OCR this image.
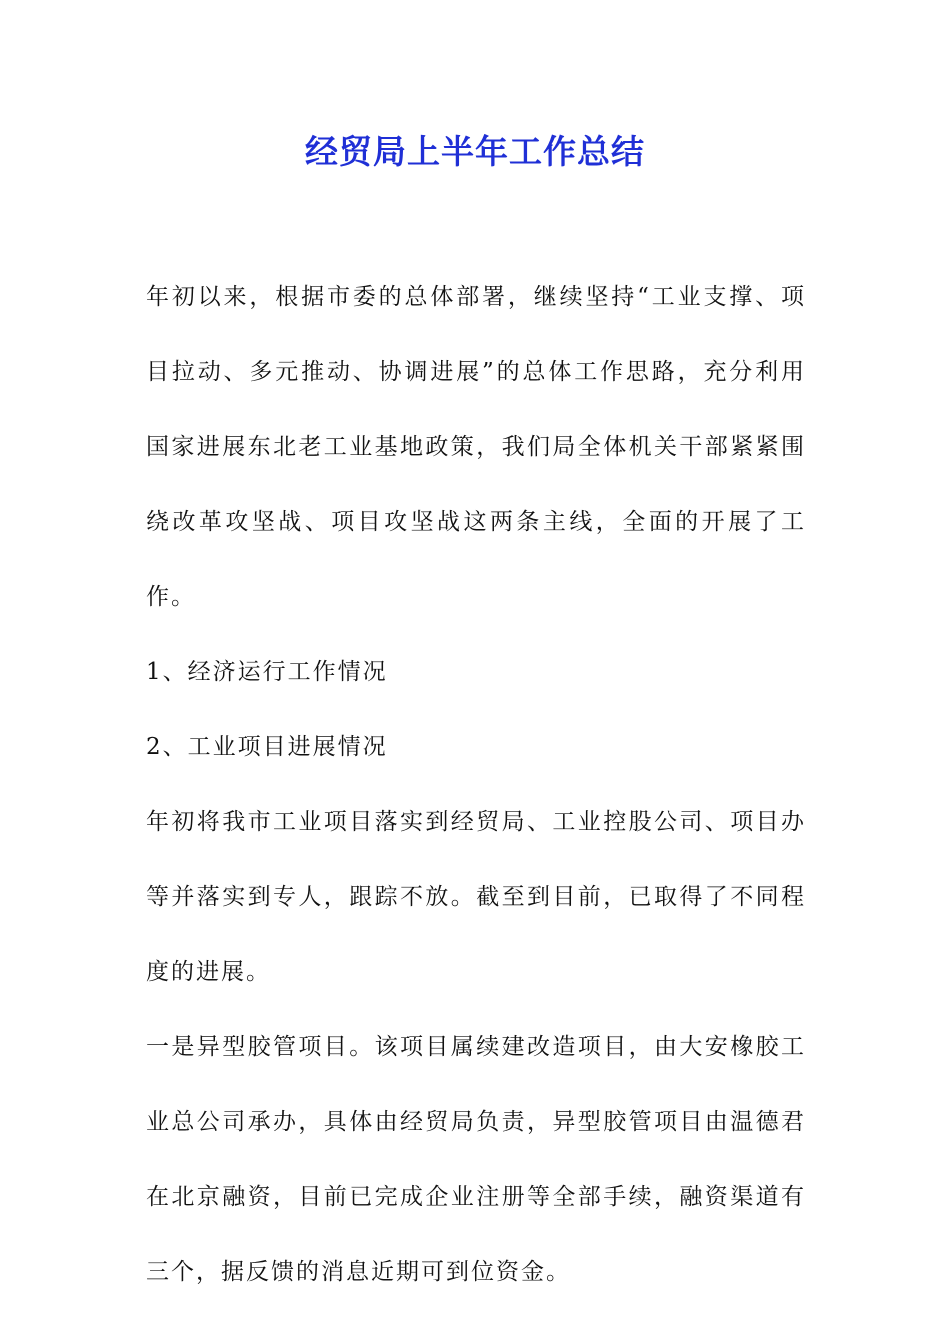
经贸局上半年工作总结

年初以来，根据市委的总体部署，继续坚持“工业支撑、项目拉动、多元推动、协调进展”的总体工作思路，充分利用国家进展东北老工业基地政策，我们局全体机关干部紧紧围绕改革攻坚战、项目攻坚战这两条主线，全面的开展了工作。

1、经济运行工作情况

2、工业项目进展情况

年初将我市工业项目落实到经贸局、工业控股公司、项目办等并落实到专人，跟踪不放。截至到目前，已取得了不同程度的进展。

一是异型胶管项目。该项目属续建改造项目，由大安橡胶工业总公司承办，具体由经贸局负责，异型胶管项目由温德君在北京融资，目前已完成企业注册等全部手续，融资渠道有三个，据反馈的消息近期可到位资金。
